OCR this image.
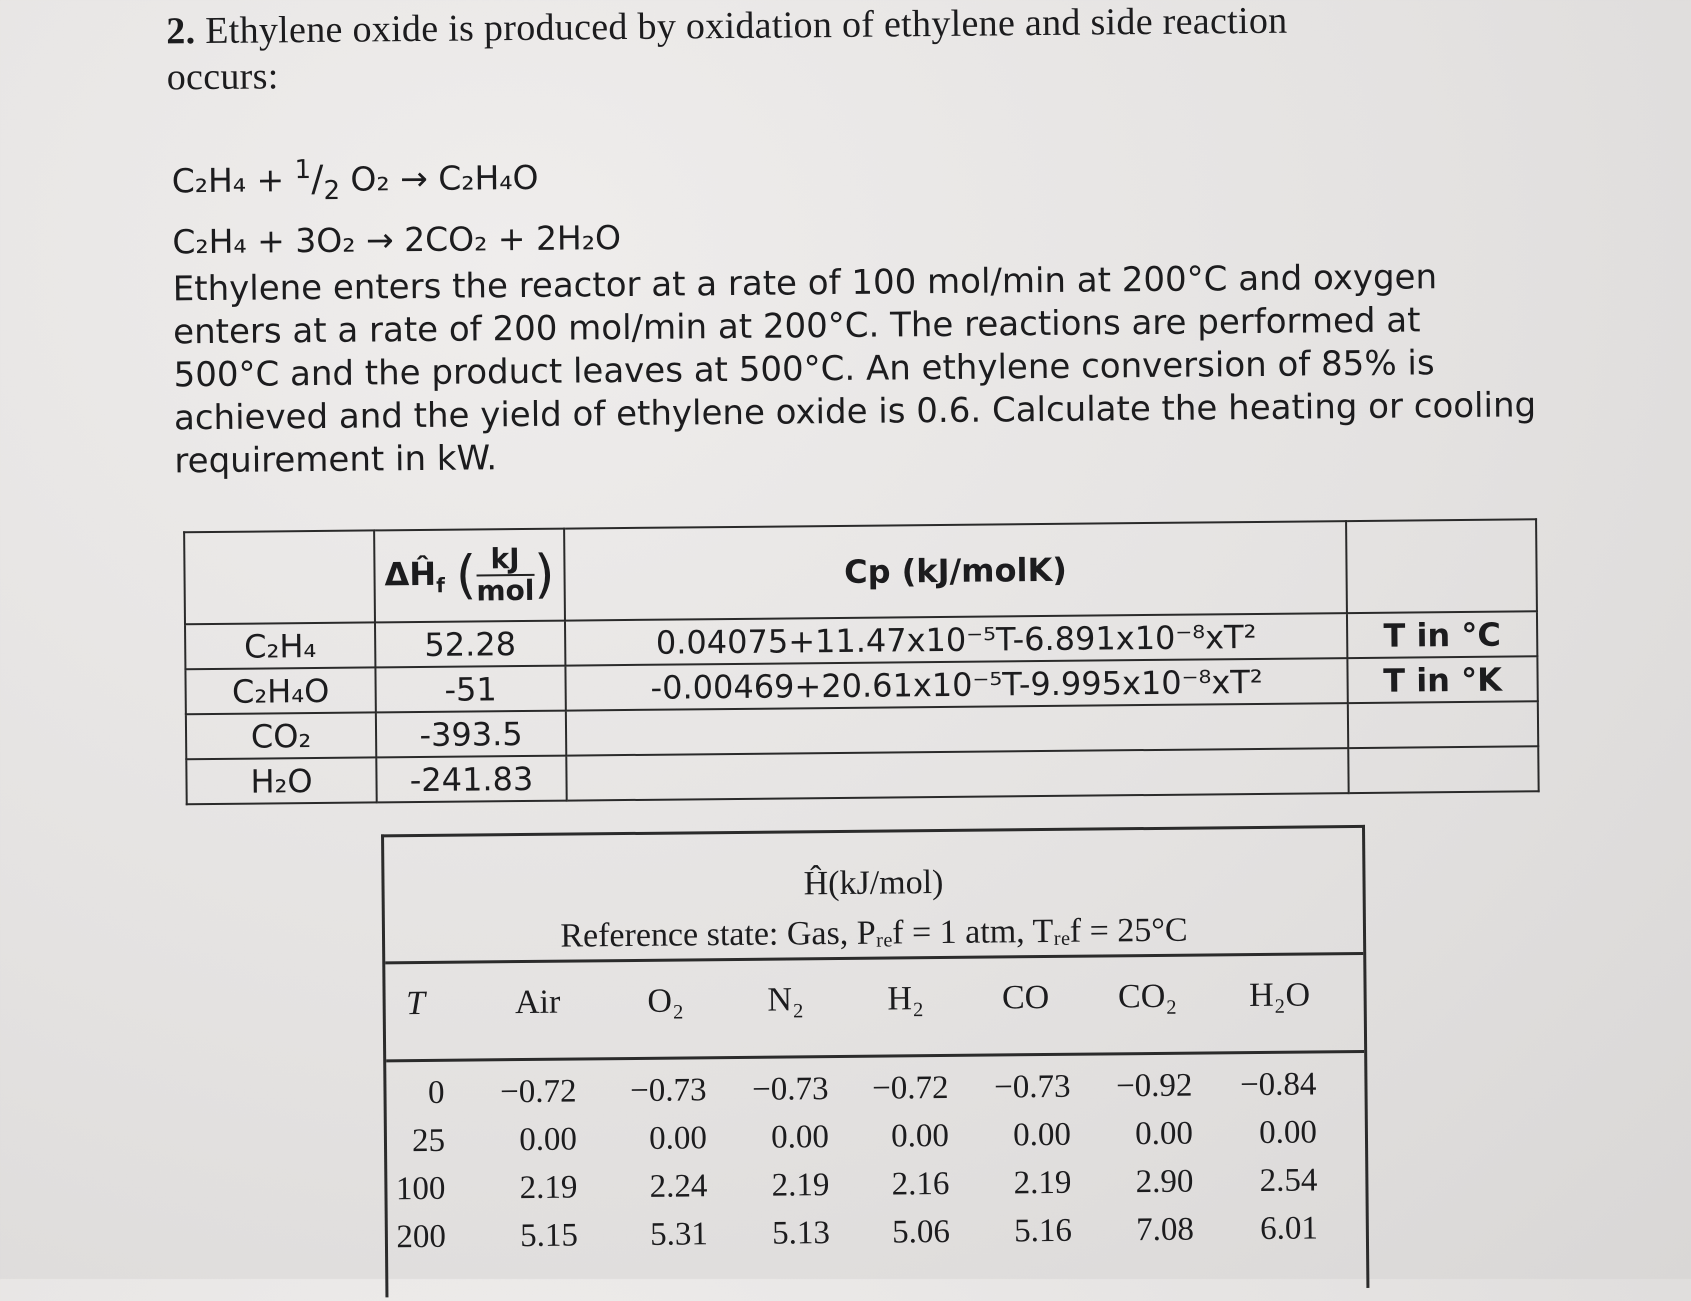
2. Ethylene oxide is produced by oxidation of ethylene and side reaction
occurs:
$C_2H_4 + ^1/_2$ O₂ → C₂H₄O
C₂H₄ + 3O₂ → 2CO₂ + 2H₂O
Ethylene enters the reactor at a rate of 100 mol/min at 200°C and oxygen
enters at a rate of 200 mol/min at 200°C. The reactions are performed at
500°C and the product leaves at 500°C. An ethylene conversion of 85% is
achieved and the yield of ethylene oxide is 0.6. Calculate the heating or cooling
requirement in kW.
	$\Delta Ĥ_f$ ( kJ
mol )	Cp (kJ/molK)	
C₂H₄	52.28	0.04075+11.47x10⁻⁵T-6.891x10⁻⁸xT²	T in °C
C₂H₄O	-51	-0.00469+20.61x10⁻⁵T-9.995x10⁻⁸xT²	T in °K
CO₂	-393.5		
H₂O	-241.83		
Ĥ(kJ/mol)
Reference state: Gas, Pᵣₑf = 1 atm, Tᵣₑf = 25°C
T	Air	O₂ N₂ H₂ CO CO₂ H₂O
0	−0.72	−0.73	−0.73	−0.72	−0.73	−0.92	−0.84
25	0.00	0.00	0.00	0.00	0.00	0.00	0.00
100	2.19	2.24	2.19	2.16	2.19	2.90	2.54
200	5.15	5.31	5.13	5.06	5.16	7.08	6.01
